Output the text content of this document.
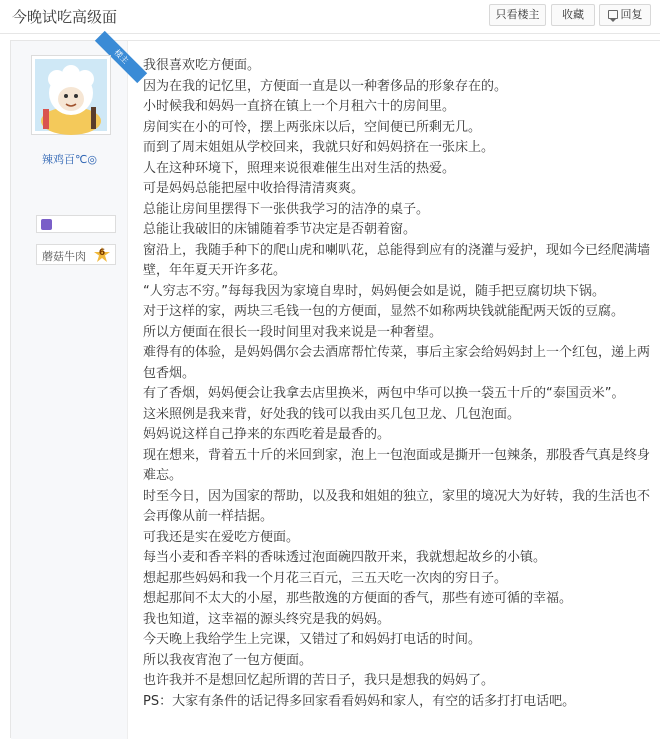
今晚试吃高级面	只看楼主	收藏	回复
楼主
辣鸡百℃◎
蘑菇牛肉	6

我很喜欢吃方便面。

因为在我的记忆里，方便面一直是以一种奢侈品的形象存在的。

小时候我和妈妈一直挤在镇上一个月租六十的房间里。

房间实在小的可怜，摆上两张床以后，空间便已所剩无几。

而到了周末姐姐从学校回来，我就只好和妈妈挤在一张床上。

人在这种环境下，照理来说很难催生出对生活的热爱。

可是妈妈总能把屋中收拾得清清爽爽。

总能让房间里摆得下一张供我学习的洁净的桌子。

总能让我破旧的床铺随着季节决定是否朝着窗。

窗沿上，我随手种下的爬山虎和喇叭花，总能得到应有的浇灌与爱护，现如今已经爬满墙壁，年年夏天开许多花。

“人穷志不穷。”每每我因为家境自卑时，妈妈便会如是说，随手把豆腐切块下锅。

对于这样的家，两块三毛钱一包的方便面，显然不如称两块钱就能配两天饭的豆腐。

所以方便面在很长一段时间里对我来说是一种奢望。

难得有的体验，是妈妈偶尔会去酒席帮忙传菜，事后主家会给妈妈封上一个红包，递上两包香烟。

有了香烟，妈妈便会让我拿去店里换米，两包中华可以换一袋五十斤的“泰国贡米”。

这米照例是我来背，好处我的钱可以我由买几包卫龙、几包泡面。

妈妈说这样自己挣来的东西吃着是最香的。

现在想来，背着五十斤的米回到家，泡上一包泡面或是撕开一包辣条，那股香气真是终身难忘。

时至今日，因为国家的帮助，以及我和姐姐的独立，家里的境况大为好转，我的生活也不会再像从前一样拮据。

可我还是实在爱吃方便面。

每当小麦和香辛料的香味透过泡面碗四散开来，我就想起故乡的小镇。

想起那些妈妈和我一个月花三百元，三五天吃一次肉的穷日子。

想起那间不太大的小屋，那些散逸的方便面的香气，那些有迹可循的幸福。

我也知道，这幸福的源头终究是我的妈妈。

今天晚上我给学生上完课，又错过了和妈妈打电话的时间。

所以我夜宵泡了一包方便面。

也许我并不是想回忆起所谓的苦日子，我只是想我的妈妈了。

PS：大家有条件的话记得多回家看看妈妈和家人，有空的话多打打电话吧。
